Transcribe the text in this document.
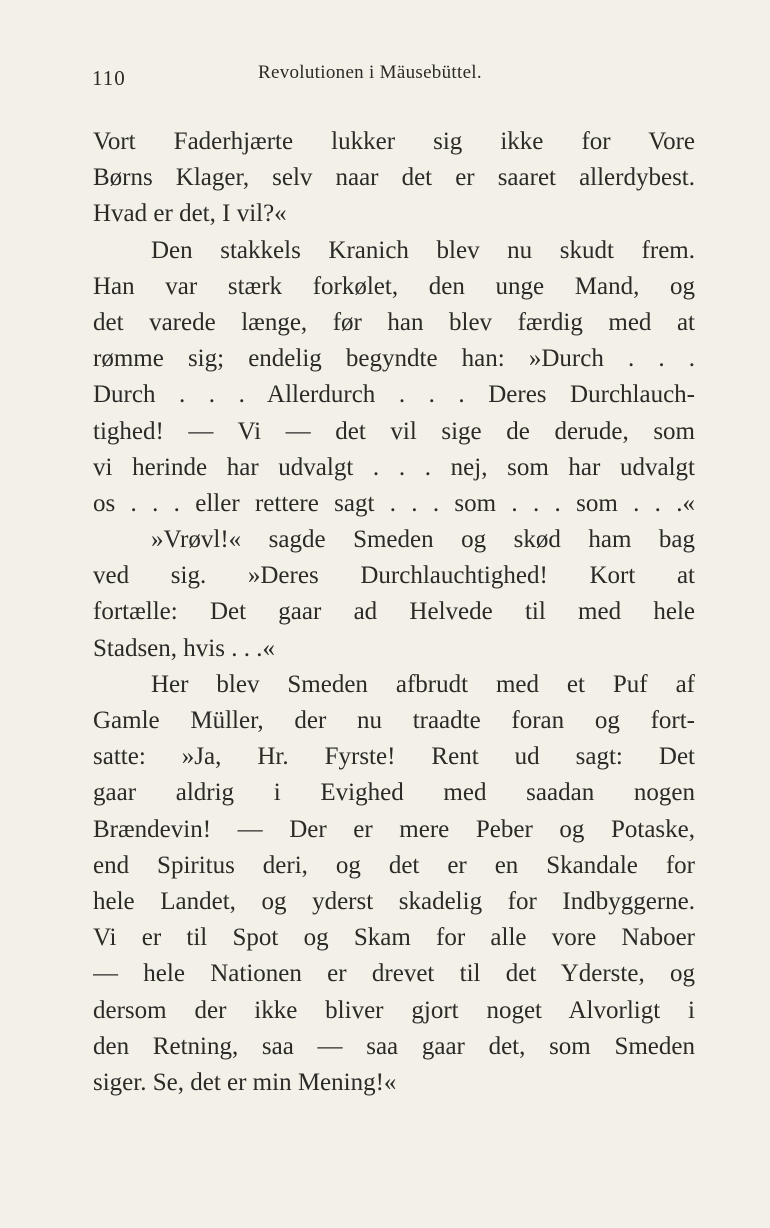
110	Revolutionen i Mäusebüttel.
Vort Faderhjærte lukker sig ikke for Vore
Børns Klager, selv naar det er saaret allerdybest.
Hvad er det, I vil?«
Den stakkels Kranich blev nu skudt frem.
Han var stærk forkølet, den unge Mand, og
det varede længe, før han blev færdig med at
rømme sig; endelig begyndte han: »Durch . . .
Durch . . . Allerdurch . . . Deres Durchlauch-
tighed! — Vi — det vil sige de derude, som
vi herinde har udvalgt . . . nej, som har udvalgt
os . . . eller rettere sagt . . . som . . . som . . .«
»Vrøvl!« sagde Smeden og skød ham bag
ved sig. »Deres Durchlauchtighed! Kort at
fortælle: Det gaar ad Helvede til med hele
Stadsen, hvis . . .«
Her blev Smeden afbrudt med et Puf af
Gamle Müller, der nu traadte foran og fort-
satte: »Ja, Hr. Fyrste! Rent ud sagt: Det
gaar aldrig i Evighed med saadan nogen
Brændevin! — Der er mere Peber og Potaske,
end Spiritus deri, og det er en Skandale for
hele Landet, og yderst skadelig for Indbyggerne.
Vi er til Spot og Skam for alle vore Naboer
— hele Nationen er drevet til det Yderste, og
dersom der ikke bliver gjort noget Alvorligt i
den Retning, saa — saa gaar det, som Smeden
siger. Se, det er min Mening!«
